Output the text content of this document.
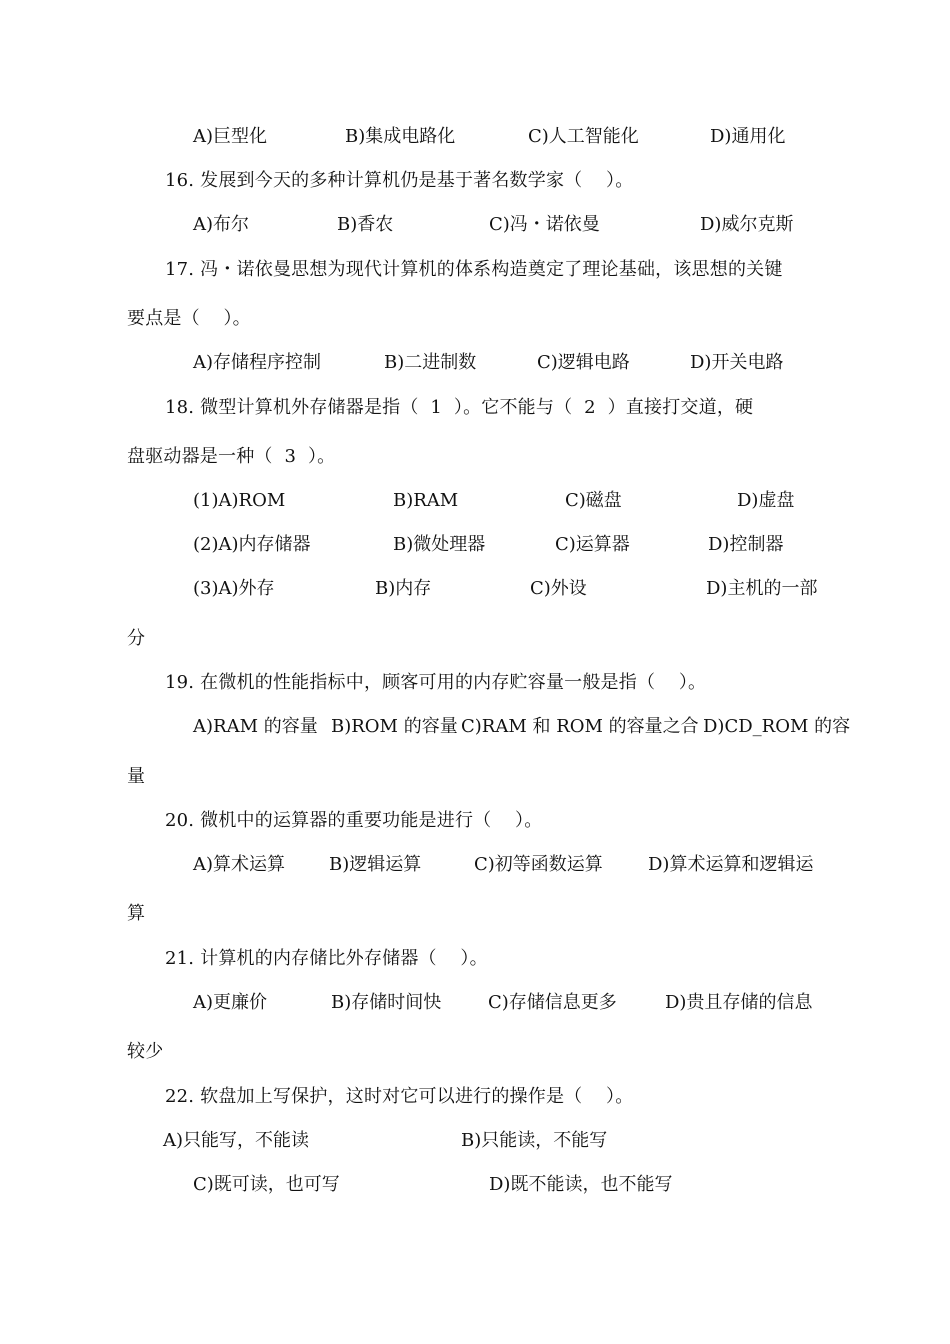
A)巨型化	B)集成电路化	C)人工智能化	D)通用化
16. 发展到今天的多种计算机仍是基于著名数学家（    ）。
A)布尔	B)香农	C)冯・诺依曼	D)威尔克斯
17. 冯・诺依曼思想为现代计算机的体系构造奠定了理论基础，该思想的关键
要点是（    ）。
A)存储程序控制	B)二进制数	C)逻辑电路	D)开关电路
18. 微型计算机外存储器是指（  1  ）。它不能与（  2  ）直接打交道，硬
盘驱动器是一种（  3  ）。
(1)A)ROM	B)RAM	C)磁盘	D)虚盘
(2)A)内存储器	B)微处理器	C)运算器	D)控制器
(3)A)外存	B)内存	C)外设	D)主机的一部
分
19. 在微机的性能指标中，顾客可用的内存贮容量一般是指（    ）。
A)RAM 的容量 B)ROM 的容量 C)RAM 和 ROM 的容量之合 D)CD_ROM 的容
量
20. 微机中的运算器的重要功能是进行（    ）。
A)算术运算 B)逻辑运算	C)初等函数运算	D)算术运算和逻辑运
算
21. 计算机的内存储比外存储器（    ）。
A)更廉价	B)存储时间快	C)存储信息更多	D)贵且存储的信息
较少
22. 软盘加上写保护，这时对它可以进行的操作是（    ）。
A)只能写，不能读	B)只能读，不能写
C)既可读，也可写	D)既不能读，也不能写
